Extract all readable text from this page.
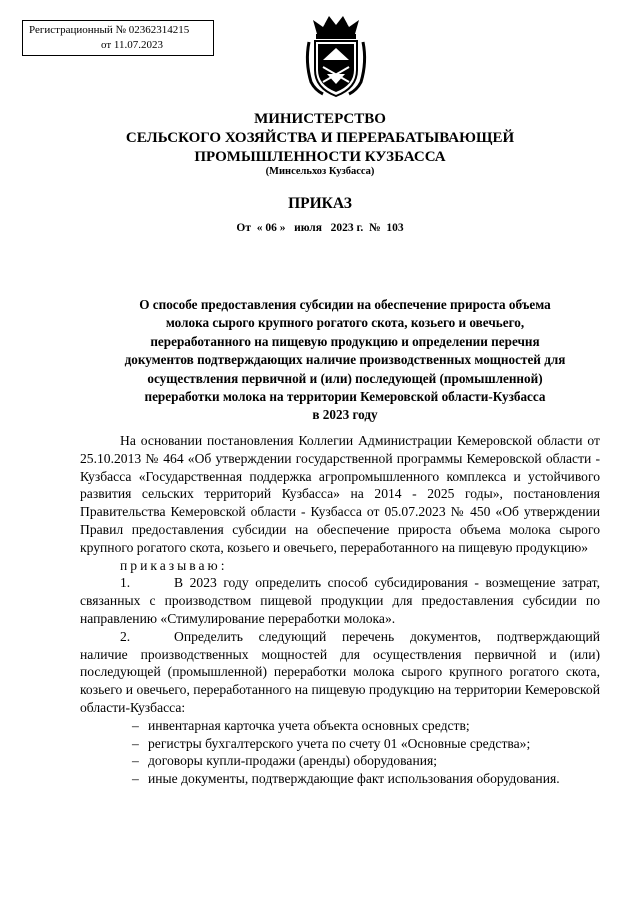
Регистрационный № 02362314215
от 11.07.2023
МИНИСТЕРСТВО
СЕЛЬСКОГО ХОЗЯЙСТВА И ПЕРЕРАБАТЫВАЮЩЕЙ
ПРОМЫШЛЕННОСТИ КУЗБАССА
(Минсельхоз Кузбасса)
ПРИКАЗ
От « 06 » июля 2023 г. № 103
О способе предоставления субсидии на обеспечение прироста объема
молока сырого крупного рогатого скота, козьего и овечьего,
переработанного на пищевую продукцию и определении перечня
документов подтверждающих наличие производственных мощностей для
осуществления первичной и (или) последующей (промышленной)
переработки молока на территории Кемеровской области-Кузбасса
в 2023 году

На основании постановления Коллегии Администрации Кемеровской области от 25.10.2013 № 464 «Об утверждении государственной программы Кемеровской области - Кузбасса «Государственная поддержка агропромышленного комплекса и устойчивого развития сельских территорий Кузбасса» на 2014 - 2025 годы», постановления Правительства Кемеровской области - Кузбасса от 05.07.2023 № 450 «Об утверждении Правил предоставления субсидии на обеспечение прироста объема молока сырого крупного рогатого скота, козьего и овечьего, переработанного на пищевую продукцию»

приказываю:

1.	В 2023 году определить способ субсидирования - возмещение затрат, связанных с производством пищевой продукции для предоставления субсидии по направлению «Стимулирование переработки молока».

2.	Определить следующий перечень документов, подтверждающий наличие производственных мощностей для осуществления первичной и (или) последующей (промышленной) переработки молока сырого крупного рогатого скота, козьего и овечьего, переработанного на пищевую продукцию на территории Кемеровской области-Кузбасса:

– инвентарная карточка учета объекта основных средств;
– регистры бухгалтерского учета по счету 01 «Основные средства»;
– договоры купли-продажи (аренды) оборудования;
– иные документы, подтверждающие факт использования оборудования.
